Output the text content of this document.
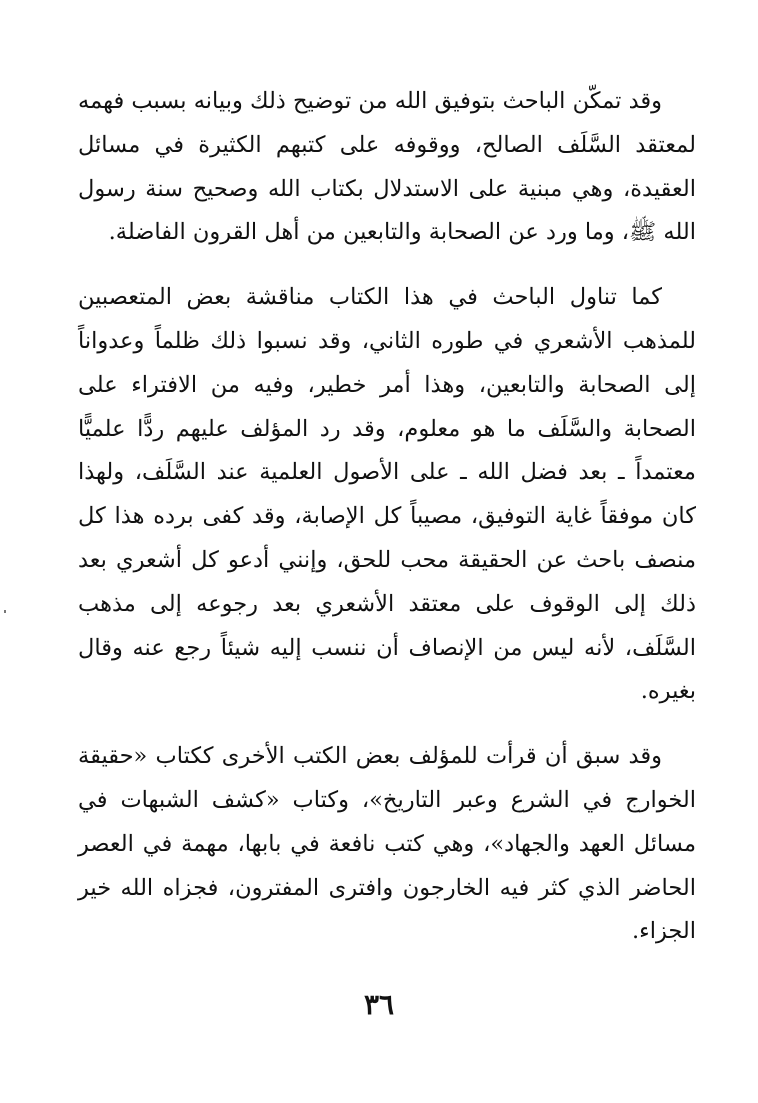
وقد تمكّن الباحث بتوفيق الله من توضيح ذلك وبيانه بسبب فهمه لمعتقد السَّلَف الصالح، ووقوفه على كتبهم الكثيرة في مسائل العقيدة، وهي مبنية على الاستدلال بكتاب الله وصحيح سنة رسول الله ﷺ، وما ورد عن الصحابة والتابعين من أهل القرون الفاضلة.

كما تناول الباحث في هذا الكتاب مناقشة بعض المتعصبين للمذهب الأشعري في طوره الثاني، وقد نسبوا ذلك ظلماً وعدواناً إلى الصحابة والتابعين، وهذا أمر خطير، وفيه من الافتراء على الصحابة والسَّلَف ما هو معلوم، وقد رد المؤلف عليهم ردًّا علميًّا معتمداً ـ بعد فضل الله ـ على الأصول العلمية عند السَّلَف، ولهذا كان موفقاً غاية التوفيق، مصيباً كل الإصابة، وقد كفى برده هذا كل منصف باحث عن الحقيقة محب للحق، وإنني أدعو كل أشعري بعد ذلك إلى الوقوف على معتقد الأشعري بعد رجوعه إلى مذهب السَّلَف، لأنه ليس من الإنصاف أن ننسب إليه شيئاً رجع عنه وقال بغيره.

وقد سبق أن قرأت للمؤلف بعض الكتب الأخرى ككتاب «حقيقة الخوارج في الشرع وعبر التاريخ»، وكتاب «كشف الشبهات في مسائل العهد والجهاد»، وهي كتب نافعة في بابها، مهمة في العصر الحاضر الذي كثر فيه الخارجون وافترى المفترون، فجزاه الله خير الجزاء.

٣٦
